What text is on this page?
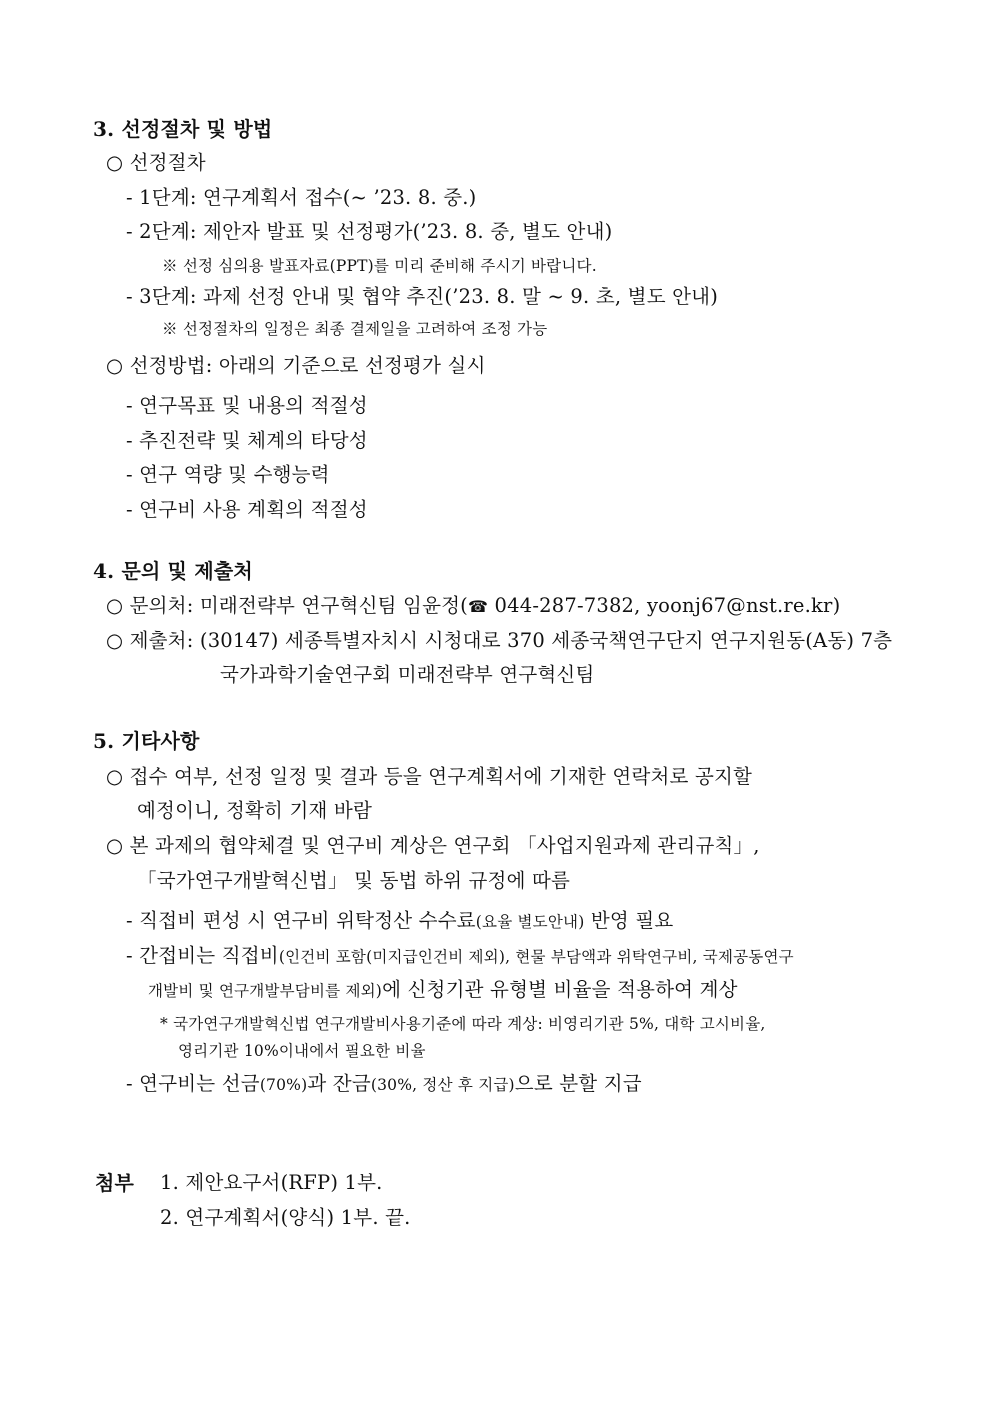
3. 선정절차 및 방법
○ 선정절차
- 1단계: 연구계획서 접수(~ ’23. 8. 중.)
- 2단계: 제안자 발표 및 선정평가(’23. 8. 중, 별도 안내)
※ 선정 심의용 발표자료(PPT)를 미리 준비해 주시기 바랍니다.
- 3단계: 과제 선정 안내 및 협약 추진(’23. 8. 말 ~ 9. 초, 별도 안내)
※ 선정절차의 일정은 최종 결제일을 고려하여 조정 가능
○ 선정방법: 아래의 기준으로 선정평가 실시
- 연구목표 및 내용의 적절성
- 추진전략 및 체계의 타당성
- 연구 역량 및 수행능력
- 연구비 사용 계획의 적절성
4. 문의 및 제출처
○ 문의처: 미래전략부 연구혁신팀 임윤정(☎ 044-287-7382, yoonj67@nst.re.kr)
○ 제출처: (30147) 세종특별자치시 시청대로 370 세종국책연구단지 연구지원동(A동) 7층
국가과학기술연구회 미래전략부 연구혁신팀
5. 기타사항
○ 접수 여부, 선정 일정 및 결과 등을 연구계획서에 기재한 연락처로 공지할
예정이니, 정확히 기재 바람
○ 본 과제의 협약체결 및 연구비 계상은 연구회 「사업지원과제 관리규칙」,
「국가연구개발혁신법」 및 동법 하위 규정에 따름
- 직접비 편성 시 연구비 위탁정산 수수료(요율 별도안내) 반영 필요
- 간접비는 직접비(인건비 포함(미지급인건비 제외), 현물 부담액과 위탁연구비, 국제공동연구
개발비 및 연구개발부담비를 제외)에 신청기관 유형별 비율을 적용하여 계상
* 국가연구개발혁신법 연구개발비사용기준에 따라 계상: 비영리기관 5%, 대학 고시비율,
영리기관 10%이내에서 필요한 비율
- 연구비는 선금(70%)과 잔금(30%, 정산 후 지급)으로 분할 지급
첨부 1. 제안요구서(RFP) 1부.
2. 연구계획서(양식) 1부. 끝.
